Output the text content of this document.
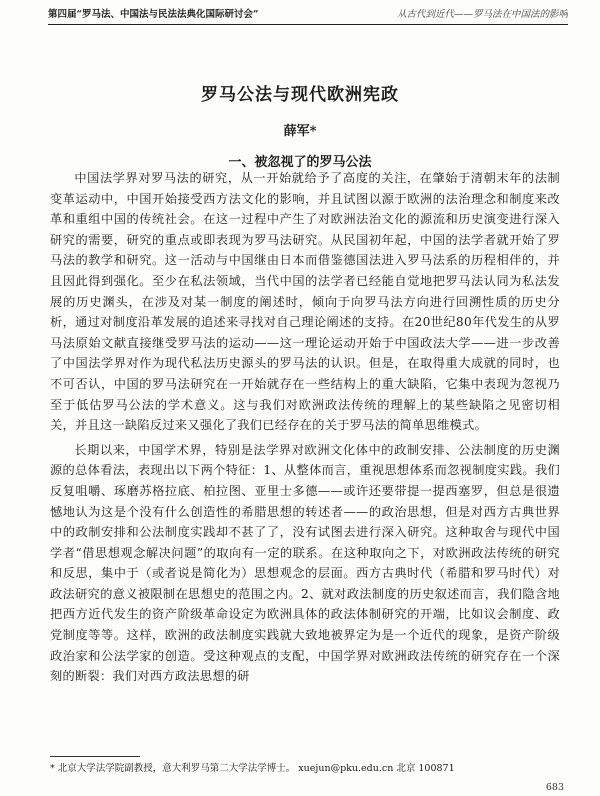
第四届“罗马法、中国法与民法法典化国际研讨会”	从古代到近代——罗马法在中国法的影响
罗马公法与现代欧洲宪政
薛军*
一、被忽视了的罗马公法

中国法学界对罗马法的研究，从一开始就给予了高度的关注，在肇始于清朝末年的法制变革运动中，中国开始接受西方法文化的影响，并且试图以源于欧洲的法治理念和制度来改革和重组中国的传统社会。在这一过程中产生了对欧洲法治文化的源流和历史演变进行深入研究的需要，研究的重点或即表现为罗马法研究。从民国初年起，中国的法学者就开始了罗马法的教学和研究。这一活动与中国继由日本而借鉴德国法进入罗马法系的历程相伴的，并且因此得到强化。至少在私法领域，当代中国的法学者已经能自觉地把罗马法认同为私法发展的历史渊头，在涉及对某一制度的阐述时，倾向于向罗马法方向进行回溯性质的历史分析，通过对制度沿革发展的追述来寻找对自己理论阐述的支持。在20世纪80年代发生的从罗马法原始文献直接继受罗马法的运动——这一理论运动开始于中国政法大学——进一步改善了中国法学界对作为现代私法历史源头的罗马法的认识。但是，在取得重大成就的同时，也不可否认，中国的罗马法研究在一开始就存在一些结构上的重大缺陷，它集中表现为忽视乃至于低估罗马公法的学术意义。这与我们对欧洲政法传统的理解上的某些缺陷之见密切相关，并且这一缺陷反过来又强化了我们已经存在的关于罗马法的简单思维模式。

长期以来，中国学术界，特别是法学界对欧洲文化体中的政制安排、公法制度的历史渊源的总体看法，表现出以下两个特征：1、从整体而言，重视思想体系而忽视制度实践。我们反复咀嚼、琢磨苏格拉底、柏拉图、亚里士多德——或许还要带提一提西塞罗，但总是很遗憾地认为这是个没有什么创造性的希腊思想的转述者——的政治思想，但是对西方古典世界中的政制安排和公法制度实践却不甚了了，没有试图去进行深入研究。这种取舍与现代中国学者“借思想观念解决问题”的取向有一定的联系。在这种取向之下，对欧洲政法传统的研究和反思，集中于（或者说是简化为）思想观念的层面。西方古典时代（希腊和罗马时代）对政法研究的意义被限制在思想史的范围之内。2、就对政法制度的历史叙述而言，我们隐含地把西方近代发生的资产阶级革命设定为欧洲具体的政法体制研究的开端，比如议会制度、政党制度等等。这样，欧洲的政法制度实践就大致地被界定为是一个近代的现象，是资产阶级政治家和公法学家的创造。受这种观点的支配，中国学界对欧洲政法传统的研究存在一个深刻的断裂：我们对西方政法思想的研

* 北京大学法学院副教授，意大利罗马第二大学法学博士。 xuejun@pku.edu.cn 北京 100871
683
